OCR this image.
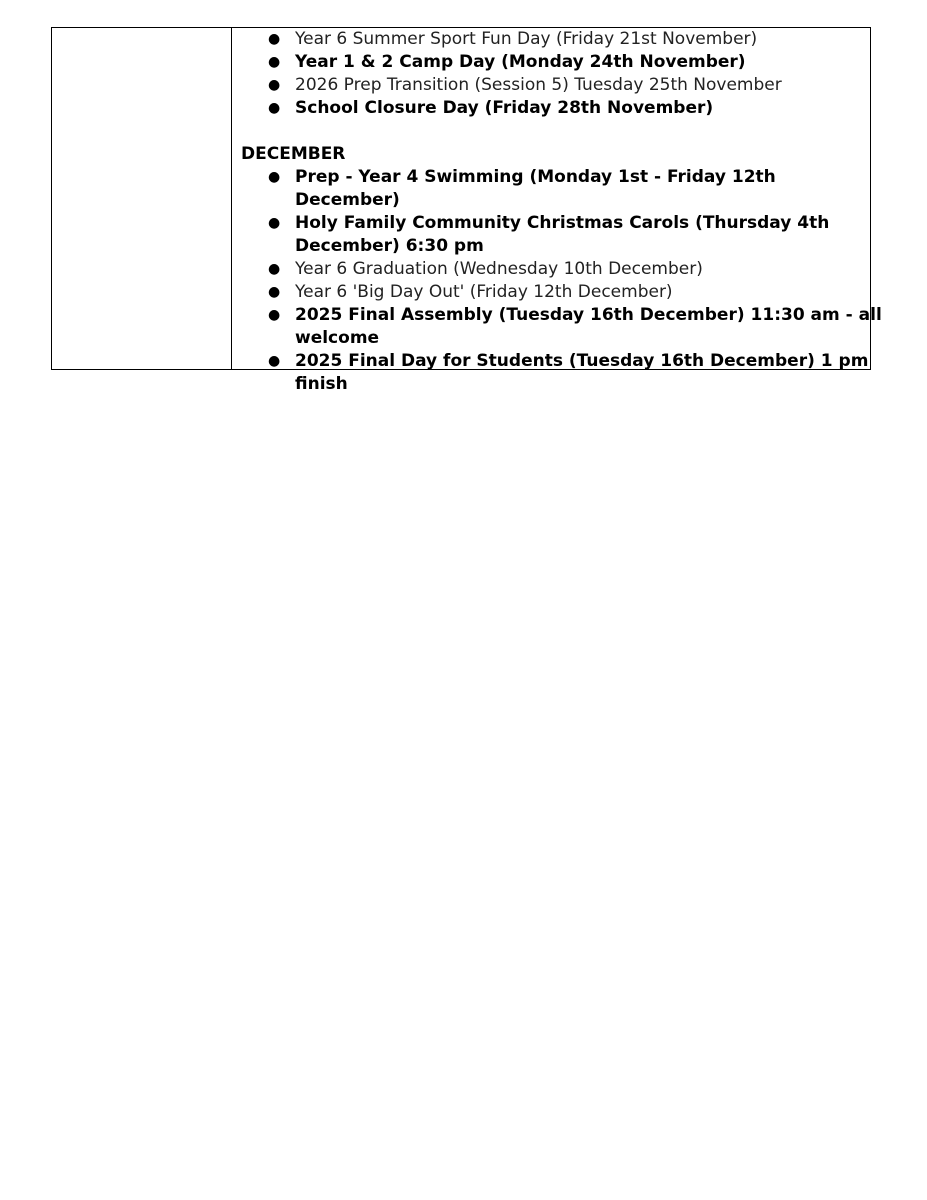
● Year 6 Summer Sport Fun Day (Friday 21st November)
● Year 1 & 2 Camp Day (Monday 24th November)
● 2026 Prep Transition (Session 5) Tuesday 25th November
● School Closure Day (Friday 28th November)
DECEMBER
● Prep - Year 4 Swimming (Monday 1st - Friday 12th December)
● Holy Family Community Christmas Carols (Thursday 4th December) 6:30 pm
● Year 6 Graduation (Wednesday 10th December)
● Year 6 'Big Day Out' (Friday 12th December)
● 2025 Final Assembly (Tuesday 16th December) 11:30 am - all welcome
● 2025 Final Day for Students (Tuesday 16th December) 1 pm finish
